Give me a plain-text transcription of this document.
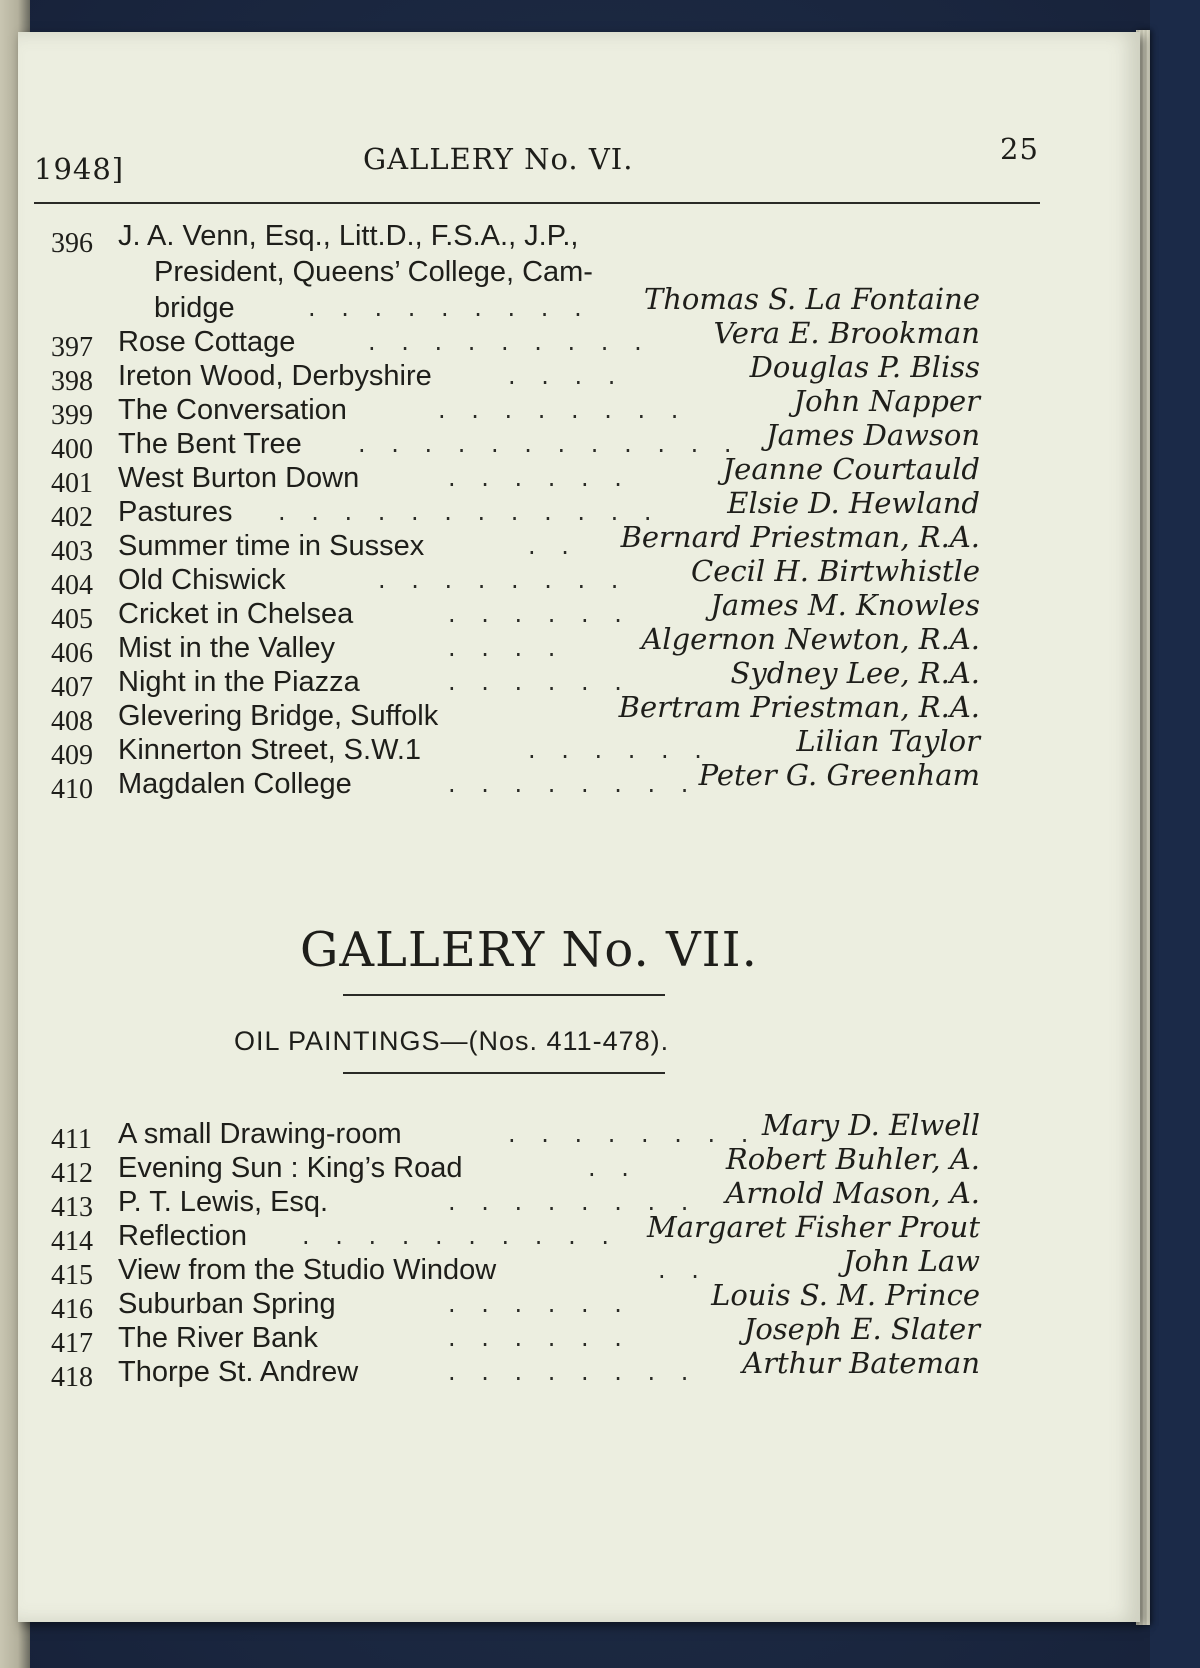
1948]	GALLERY No. VI.	25
396 J. A. Venn, Esq., Litt.D., F.S.A., J.P.,
President, Queens’ College, Cam-
bridge	. . . . . . . . . Thomas S. La Fontaine
397 Rose Cottage	. . . . . . . . . Vera E. Brookman
398 Ireton Wood, Derbyshire	. . . .	Douglas P. Bliss
399 The Conversation	. . . . . . . .	John Napper
400 The Bent Tree . . . . . . . . . . . . James Dawson
401 West Burton Down	. . . . . .	Jeanne Courtauld
402 Pastures . . . . . . . . . . . . Elsie D. Hewland
403 Summer time in Sussex	. . Bernard Priestman, R.A.
404 Old Chiswick	. . . . . . . . Cecil H. Birtwhistle
405 Cricket in Chelsea	. . . . . .	James M. Knowles
406 Mist in the Valley	. . . .	Algernon Newton, R.A.
407 Night in the Piazza	. . . . . .	Sydney Lee, R.A.
408 Glevering Bridge, Suffolk	Bertram Priestman, R.A.
409 Kinnerton Street, S.W.1	. . . . . .	Lilian Taylor
410 Magdalen College	. . . . . . . . Peter G. Greenham
GALLERY No. VII.
OIL PAINTINGS—(Nos. 411-478).
411 A small Drawing-room	. . . . . . . . Mary D. Elwell
412 Evening Sun : King’s Road	. .	Robert Buhler, A.
413 P. T. Lewis, Esq.	. . . . . . . . Arnold Mason, A.
414 Reflection . . . . . . . . . . Margaret Fisher Prout
415 View from the Studio Window	. .	John Law
416 Suburban Spring	. . . . . .	Louis S. M. Prince
417 The River Bank	. . . . . .	Joseph E. Slater
418 Thorpe St. Andrew	. . . . . . . . Arthur Bateman
